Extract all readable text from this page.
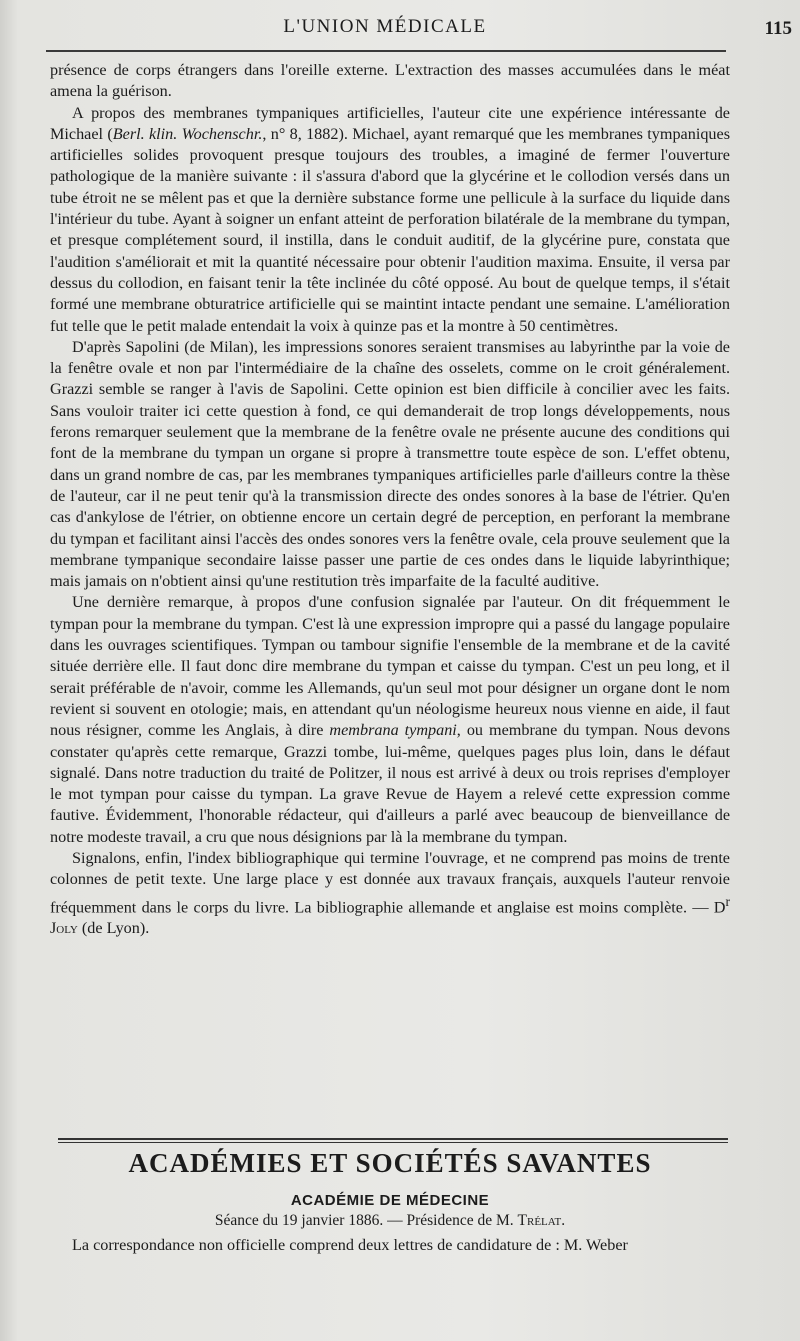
L'UNION MÉDICALE	115

présence de corps étrangers dans l'oreille externe. L'extraction des masses accumulées dans le méat amena la guérison.

A propos des membranes tympaniques artificielles, l'auteur cite une expérience intéressante de Michael (Berl. klin. Wochenschr., n° 8, 1882). Michael, ayant remarqué que les membranes tympaniques artificielles solides provoquent presque toujours des troubles, a imaginé de fermer l'ouverture pathologique de la manière suivante : il s'assura d'abord que la glycérine et le collodion versés dans un tube étroit ne se mêlent pas et que la dernière substance forme une pellicule à la surface du liquide dans l'intérieur du tube. Ayant à soigner un enfant atteint de perforation bilatérale de la membrane du tympan, et presque complétement sourd, il instilla, dans le conduit auditif, de la glycérine pure, constata que l'audition s'améliorait et mit la quantité nécessaire pour obtenir l'audition maxima. Ensuite, il versa par dessus du collodion, en faisant tenir la tête inclinée du côté opposé. Au bout de quelque temps, il s'était formé une membrane obturatrice artificielle qui se maintint intacte pendant une semaine. L'amélioration fut telle que le petit malade entendait la voix à quinze pas et la montre à 50 centimètres.

D'après Sapolini (de Milan), les impressions sonores seraient transmises au labyrinthe par la voie de la fenêtre ovale et non par l'intermédiaire de la chaîne des osselets, comme on le croit généralement. Grazzi semble se ranger à l'avis de Sapolini. Cette opinion est bien difficile à concilier avec les faits. Sans vouloir traiter ici cette question à fond, ce qui demanderait de trop longs développements, nous ferons remarquer seulement que la membrane de la fenêtre ovale ne présente aucune des conditions qui font de la membrane du tympan un organe si propre à transmettre toute espèce de son. L'effet obtenu, dans un grand nombre de cas, par les membranes tympaniques artificielles parle d'ailleurs contre la thèse de l'auteur, car il ne peut tenir qu'à la transmission directe des ondes sonores à la base de l'étrier. Qu'en cas d'ankylose de l'étrier, on obtienne encore un certain degré de perception, en perforant la membrane du tympan et facilitant ainsi l'accès des ondes sonores vers la fenêtre ovale, cela prouve seulement que la membrane tympanique secondaire laisse passer une partie de ces ondes dans le liquide labyrinthique; mais jamais on n'obtient ainsi qu'une restitution très imparfaite de la faculté auditive.

Une dernière remarque, à propos d'une confusion signalée par l'auteur. On dit fréquemment le tympan pour la membrane du tympan. C'est là une expression impropre qui a passé du langage populaire dans les ouvrages scientifiques. Tympan ou tambour signifie l'ensemble de la membrane et de la cavité située derrière elle. Il faut donc dire membrane du tympan et caisse du tympan. C'est un peu long, et il serait préférable de n'avoir, comme les Allemands, qu'un seul mot pour désigner un organe dont le nom revient si souvent en otologie; mais, en attendant qu'un néologisme heureux nous vienne en aide, il faut nous résigner, comme les Anglais, à dire membrana tympani, ou membrane du tympan. Nous devons constater qu'après cette remarque, Grazzi tombe, lui-même, quelques pages plus loin, dans le défaut signalé. Dans notre traduction du traité de Politzer, il nous est arrivé à deux ou trois reprises d'employer le mot tympan pour caisse du tympan. La grave Revue de Hayem a relevé cette expression comme fautive. Évidemment, l'honorable rédacteur, qui d'ailleurs a parlé avec beaucoup de bienveillance de notre modeste travail, a cru que nous désignions par là la membrane du tympan.

Signalons, enfin, l'index bibliographique qui termine l'ouvrage, et ne comprend pas moins de trente colonnes de petit texte. Une large place y est donnée aux travaux français, auxquels l'auteur renvoie fréquemment dans le corps du livre. La bibliographie allemande et anglaise est moins complète. — $D^r$ Joly (de Lyon).

ACADÉMIES ET SOCIÉTÉS SAVANTES
ACADÉMIE DE MÉDECINE
Séance du 19 janvier 1886. — Présidence de M. Trélat.
La correspondance non officielle comprend deux lettres de candidature de : M. Weber
